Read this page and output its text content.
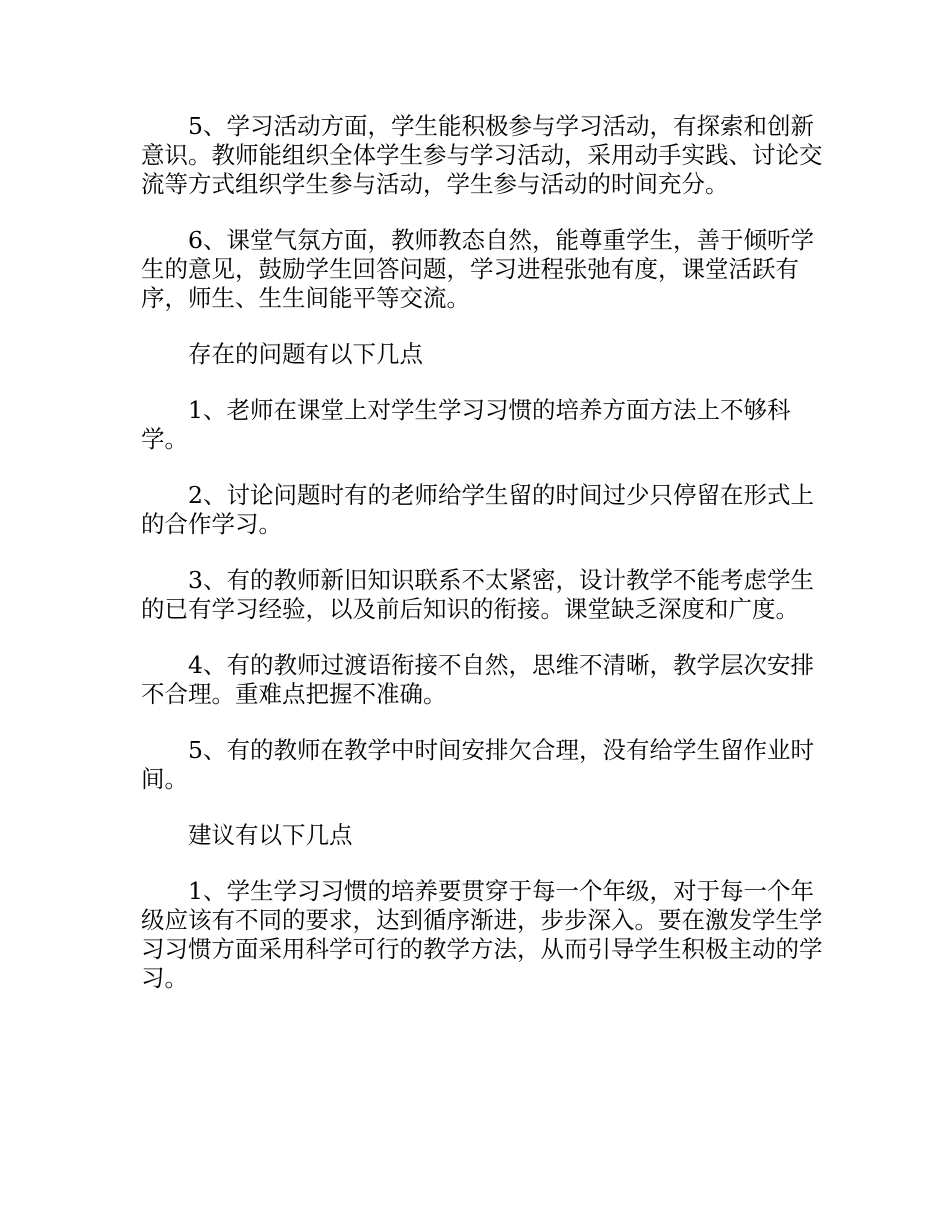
5、学习活动方面，学生能积极参与学习活动，有探索和创新意识。教师能组织全体学生参与学习活动，采用动手实践、讨论交流等方式组织学生参与活动，学生参与活动的时间充分。

6、课堂气氛方面，教师教态自然，能尊重学生，善于倾听学生的意见，鼓励学生回答问题，学习进程张弛有度，课堂活跃有序，师生、生生间能平等交流。

存在的问题有以下几点

1、老师在课堂上对学生学习习惯的培养方面方法上不够科学。

2、讨论问题时有的老师给学生留的时间过少只停留在形式上的合作学习。

3、有的教师新旧知识联系不太紧密，设计教学不能考虑学生的已有学习经验，以及前后知识的衔接。课堂缺乏深度和广度。

4、有的教师过渡语衔接不自然，思维不清晰，教学层次安排不合理。重难点把握不准确。

5、有的教师在教学中时间安排欠合理，没有给学生留作业时间。

建议有以下几点

1、学生学习习惯的培养要贯穿于每一个年级，对于每一个年级应该有不同的要求，达到循序渐进，步步深入。要在激发学生学习习惯方面采用科学可行的教学方法，从而引导学生积极主动的学习。
